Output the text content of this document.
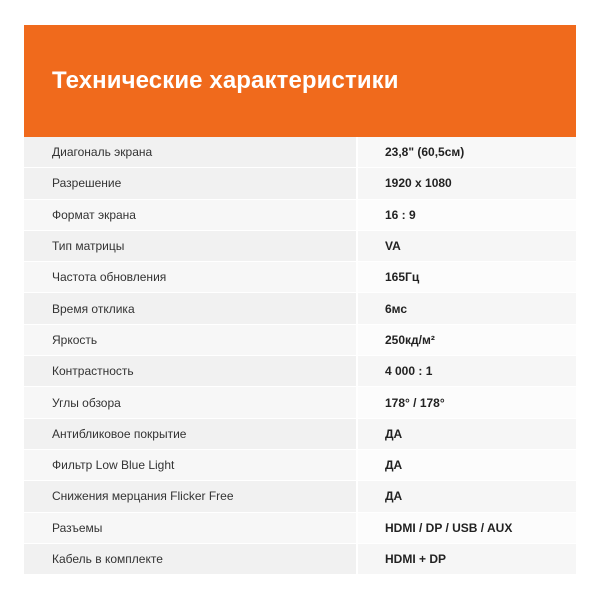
Технические характеристики
Диагональ экрана	23,8" (60,5см)
Разрешение	1920 x 1080
Формат экрана	16 : 9
Тип матрицы	VA
Частота обновления	165Гц
Время отклика	6мс
Яркость	250кд/м²
Контрастность	4 000 : 1
Углы обзора	178° / 178°
Антибликовое покрытие	ДА
Фильтр Low Blue Light	ДА
Снижения мерцания Flicker Free	ДА
Разъемы	HDMI / DP / USB / AUX
Кабель в комплекте	HDMI + DP
